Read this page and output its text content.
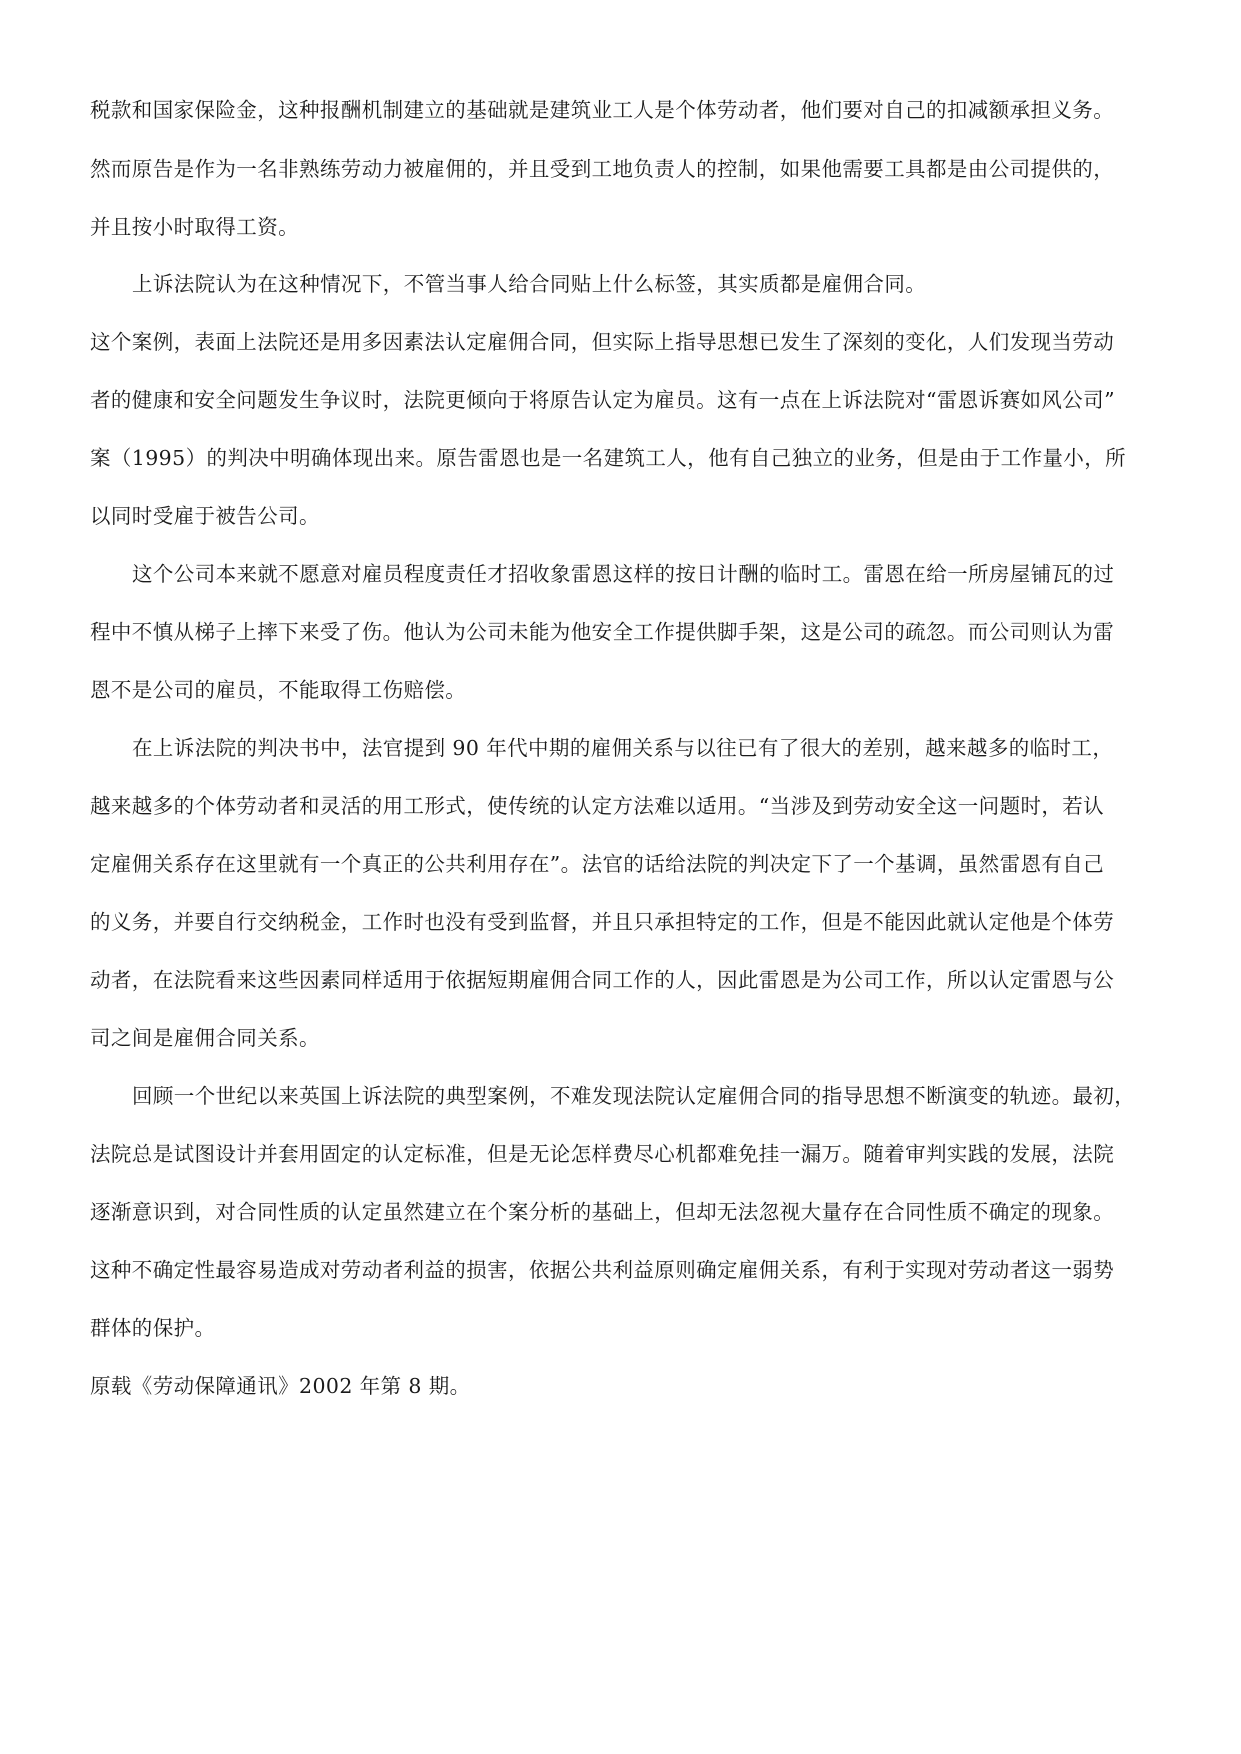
税款和国家保险金，这种报酬机制建立的基础就是建筑业工人是个体劳动者，他们要对自己的扣减额承担义务。
然而原告是作为一名非熟练劳动力被雇佣的，并且受到工地负责人的控制，如果他需要工具都是由公司提供的，
并且按小时取得工资。
上诉法院认为在这种情况下，不管当事人给合同贴上什么标签，其实质都是雇佣合同。
这个案例，表面上法院还是用多因素法认定雇佣合同，但实际上指导思想已发生了深刻的变化，人们发现当劳动
者的健康和安全问题发生争议时，法院更倾向于将原告认定为雇员。这有一点在上诉法院对“雷恩诉赛如风公司”
案（1995）的判决中明确体现出来。原告雷恩也是一名建筑工人，他有自己独立的业务，但是由于工作量小，所
以同时受雇于被告公司。
这个公司本来就不愿意对雇员程度责任才招收象雷恩这样的按日计酬的临时工。雷恩在给一所房屋铺瓦的过
程中不慎从梯子上摔下来受了伤。他认为公司未能为他安全工作提供脚手架，这是公司的疏忽。而公司则认为雷
恩不是公司的雇员，不能取得工伤赔偿。
在上诉法院的判决书中，法官提到 90 年代中期的雇佣关系与以往已有了很大的差别，越来越多的临时工，
越来越多的个体劳动者和灵活的用工形式，使传统的认定方法难以适用。“当涉及到劳动安全这一问题时，若认
定雇佣关系存在这里就有一个真正的公共利用存在”。法官的话给法院的判决定下了一个基调，虽然雷恩有自己
的义务，并要自行交纳税金，工作时也没有受到监督，并且只承担特定的工作，但是不能因此就认定他是个体劳
动者，在法院看来这些因素同样适用于依据短期雇佣合同工作的人，因此雷恩是为公司工作，所以认定雷恩与公
司之间是雇佣合同关系。
回顾一个世纪以来英国上诉法院的典型案例，不难发现法院认定雇佣合同的指导思想不断演变的轨迹。最初，
法院总是试图设计并套用固定的认定标准，但是无论怎样费尽心机都难免挂一漏万。随着审判实践的发展，法院
逐渐意识到，对合同性质的认定虽然建立在个案分析的基础上，但却无法忽视大量存在合同性质不确定的现象。
这种不确定性最容易造成对劳动者利益的损害，依据公共利益原则确定雇佣关系，有利于实现对劳动者这一弱势
群体的保护。
原载《劳动保障通讯》2002 年第 8 期。
